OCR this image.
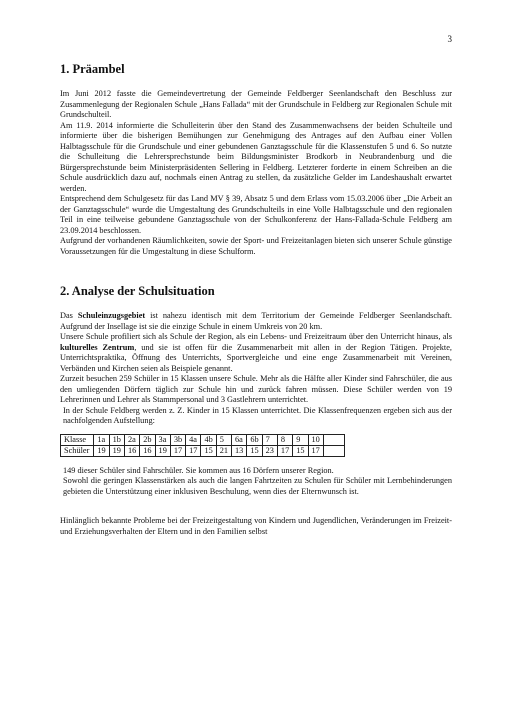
3
1. Präambel

Im Juni 2012 fasste die Gemeindevertretung der Gemeinde Feldberger Seenlandschaft den Beschluss zur Zusammenlegung der Regionalen Schule „Hans Fallada“ mit der Grundschule in Feldberg zur Regionalen Schule mit Grundschulteil.

Am 11.9. 2014 informierte die Schulleiterin über den Stand des Zusammenwachsens der beiden Schulteile und informierte über die bisherigen Bemühungen zur Genehmigung des Antrages auf den Aufbau einer Vollen Halbtagsschule für die Grundschule und einer gebundenen Ganztagsschule für die Klassenstufen 5 und 6. So nutzte die Schulleitung die Lehrersprechstunde beim Bildungsminister Brodkorb in Neubrandenburg und die Bürgersprechstunde beim Ministerpräsidenten Sellering in Feldberg. Letzterer forderte in einem Schreiben an die Schule ausdrücklich dazu auf, nochmals einen Antrag zu stellen, da zusätzliche Gelder im Landeshaushalt erwartet werden.

Entsprechend dem Schulgesetz für das Land MV § 39, Absatz 5 und dem Erlass vom 15.03.2006 über „Die Arbeit an der Ganztagsschule“ wurde die Umgestaltung des Grundschulteils in eine Volle Halbtagsschule und den regionalen Teil in eine teilweise gebundene Ganztagsschule von der Schulkonferenz der Hans-Fallada-Schule Feldberg am 23.09.2014 beschlossen.

Aufgrund der vorhandenen Räumlichkeiten, sowie der Sport- und Freizeitanlagen bieten sich unserer Schule günstige Voraussetzungen für die Umgestaltung in diese Schulform.

2. Analyse der Schulsituation

Das Schuleinzugsgebiet ist nahezu identisch mit dem Territorium der Gemeinde Feldberger Seenlandschaft. Aufgrund der Insellage ist sie die einzige Schule in einem Umkreis von 20 km.

Unsere Schule profiliert sich als Schule der Region, als ein Lebens- und Freizeitraum über den Unterricht hinaus, als kulturelles Zentrum, und sie ist offen für die Zusammenarbeit mit allen in der Region Tätigen. Projekte, Unterrichtspraktika, Öffnung des Unterrichts, Sportvergleiche und eine enge Zusammenarbeit mit Vereinen, Verbänden und Kirchen seien als Beispiele genannt.

Zurzeit besuchen 259 Schüler in 15 Klassen unsere Schule. Mehr als die Hälfte aller Kinder sind Fahrschüler, die aus den umliegenden Dörfern täglich zur Schule hin und zurück fahren müssen. Diese Schüler werden von 19 Lehrerinnen und Lehrer als Stammpersonal und 3 Gastlehrern unterrichtet.

In der Schule Feldberg werden z. Z. Kinder in 15 Klassen unterrichtet. Die Klassenfrequenzen ergeben sich aus der nachfolgenden Aufstellung:

Klasse	1a	1b	2a	2b	3a	3b	4a	4b	5	6a	6b	7	8	9	10	
Schüler	19	19	16	16	19	17	17	15	21	13	15	23	17	15	17	

149 dieser Schüler sind Fahrschüler. Sie kommen aus 16 Dörfern unserer Region.

Sowohl die geringen Klassenstärken als auch die langen Fahrtzeiten zu Schulen für Schüler mit Lernbehinderungen gebieten die Unterstützung einer inklusiven Beschulung, wenn dies der Elternwunsch ist.

Hinlänglich bekannte Probleme bei der Freizeitgestaltung von Kindern und Jugendlichen, Veränderungen im Freizeit- und Erziehungsverhalten der Eltern und in den Familien selbst
